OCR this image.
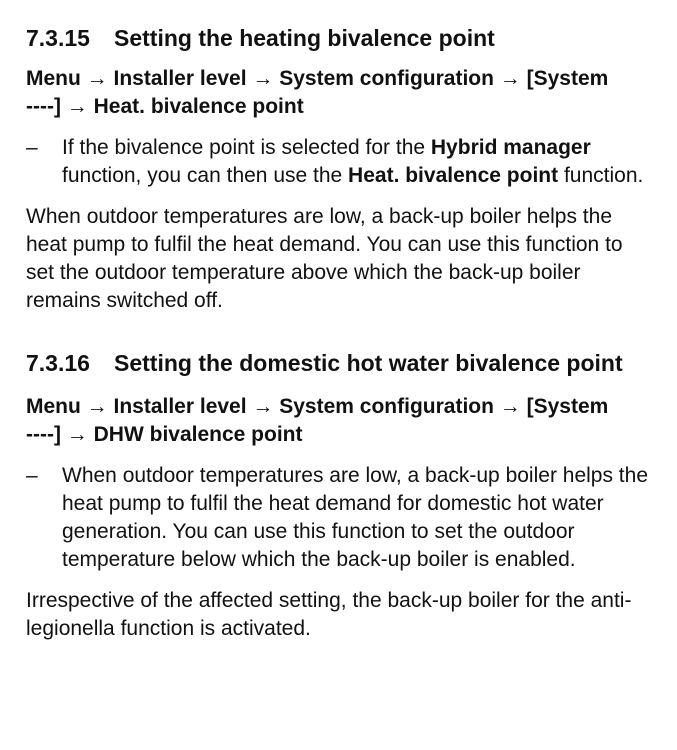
7.3.15	Setting the heating bivalence point

Menu → Installer level → System configuration → [System
----] → Heat. bivalence point

–	If the bivalence point is selected for the Hybrid manager function, you can then use the Heat. bivalence point function.

When outdoor temperatures are low, a back-up boiler helps the heat pump to fulfil the heat demand. You can use this function to set the outdoor temperature above which the back-up boiler remains switched off.

7.3.16	Setting the domestic hot water bivalence point

Menu → Installer level → System configuration → [System
----] → DHW bivalence point

–	When outdoor temperatures are low, a back-up boiler helps the heat pump to fulfil the heat demand for domestic hot water generation. You can use this function to set the outdoor temperature below which the back-up boiler is enabled.

Irrespective of the affected setting, the back-up boiler for the anti-legionella function is activated.
